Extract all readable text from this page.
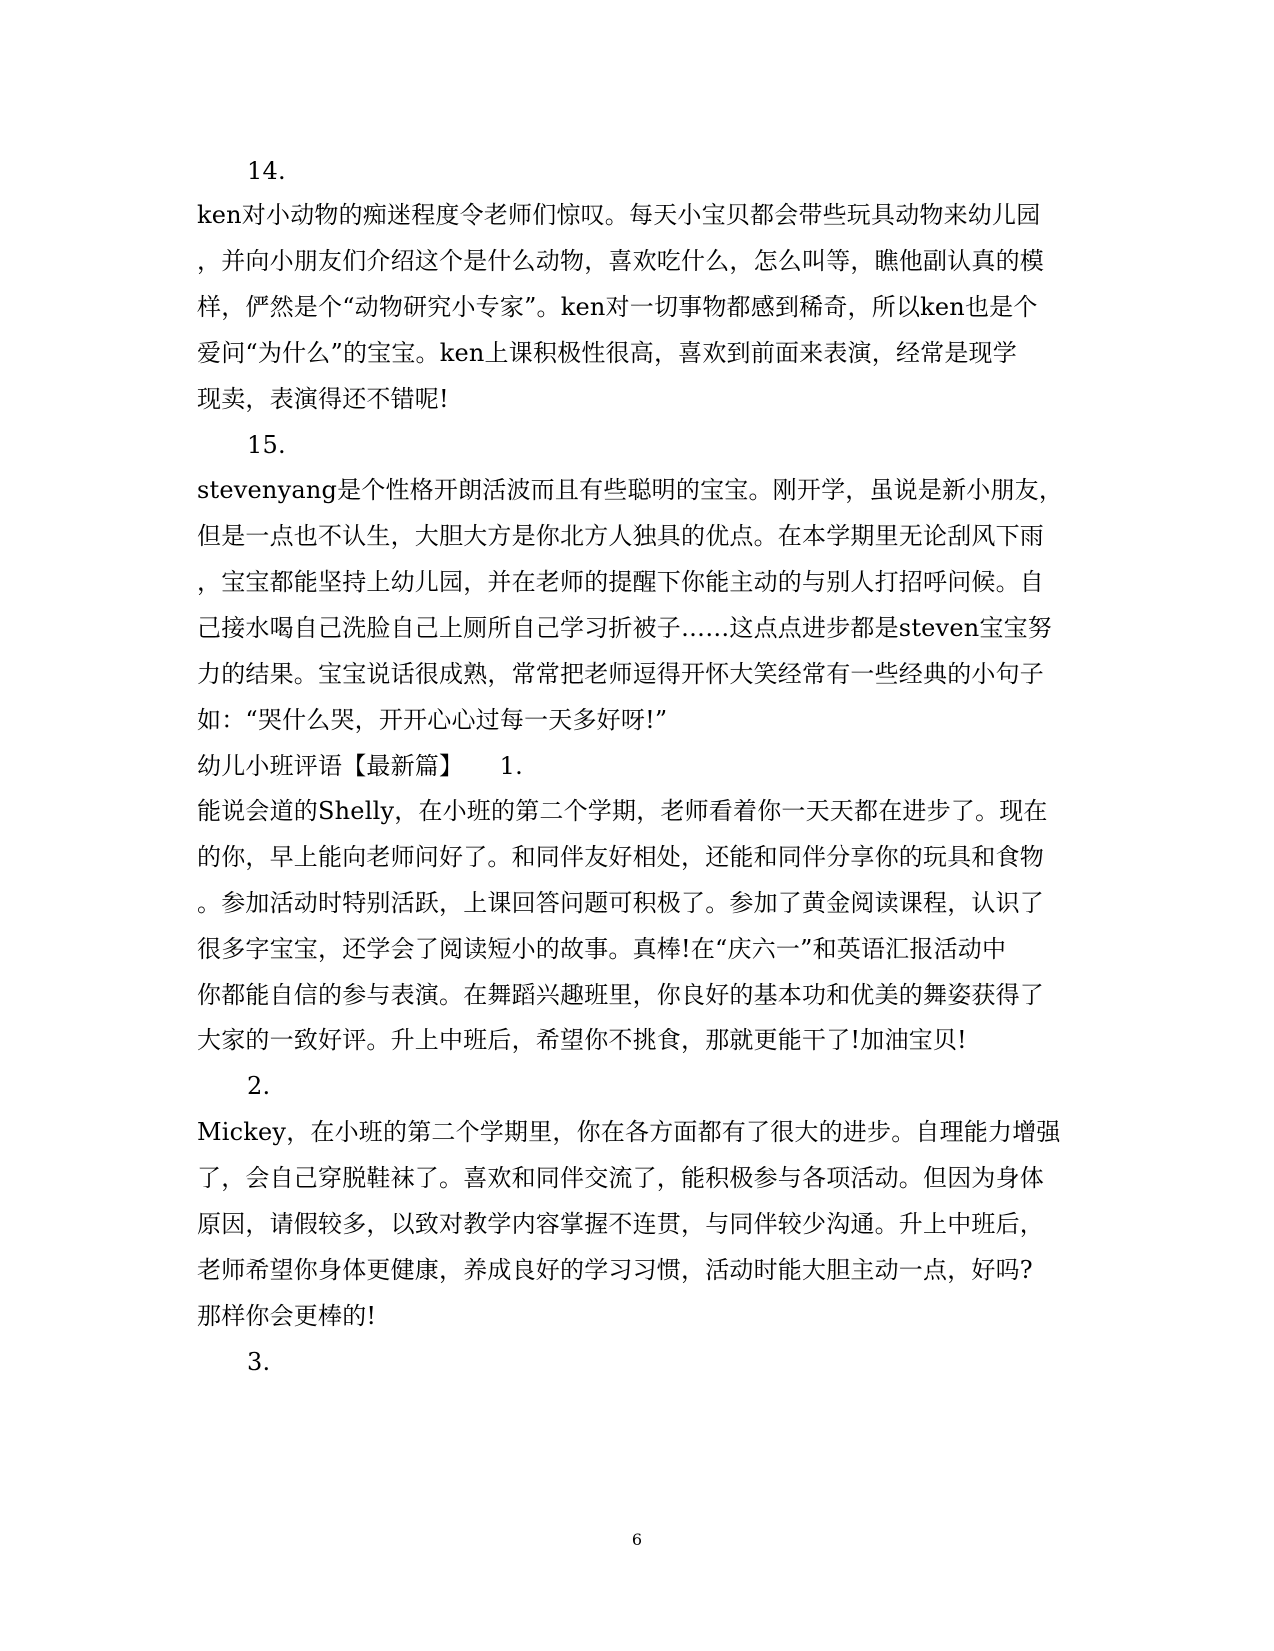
14.
ken对小动物的痴迷程度令老师们惊叹。每天小宝贝都会带些玩具动物来幼儿园
，并向小朋友们介绍这个是什么动物，喜欢吃什么，怎么叫等，瞧他副认真的模
样，俨然是个“动物研究小专家”。ken对一切事物都感到稀奇，所以ken也是个
爱问“为什么”的宝宝。ken上课积极性很高，喜欢到前面来表演，经常是现学
现卖，表演得还不错呢!
15.
stevenyang是个性格开朗活波而且有些聪明的宝宝。刚开学，虽说是新小朋友，
但是一点也不认生，大胆大方是你北方人独具的优点。在本学期里无论刮风下雨
，宝宝都能坚持上幼儿园，并在老师的提醒下你能主动的与别人打招呼问候。自
己接水喝自己洗脸自己上厕所自己学习折被子……这点点进步都是steven宝宝努
力的结果。宝宝说话很成熟，常常把老师逗得开怀大笑经常有一些经典的小句子
如：“哭什么哭，开开心心过每一天多好呀!”
幼儿小班评语【最新篇】　　1.
能说会道的Shelly，在小班的第二个学期，老师看着你一天天都在进步了。现在
的你，早上能向老师问好了。和同伴友好相处，还能和同伴分享你的玩具和食物
。参加活动时特别活跃，上课回答问题可积极了。参加了黄金阅读课程，认识了
很多字宝宝，还学会了阅读短小的故事。真棒!在“庆六一”和英语汇报活动中
你都能自信的参与表演。在舞蹈兴趣班里，你良好的基本功和优美的舞姿获得了
大家的一致好评。升上中班后，希望你不挑食，那就更能干了!加油宝贝!
2.
Mickey，在小班的第二个学期里，你在各方面都有了很大的进步。自理能力增强
了，会自己穿脱鞋袜了。喜欢和同伴交流了，能积极参与各项活动。但因为身体
原因，请假较多，以致对教学内容掌握不连贯，与同伴较少沟通。升上中班后，
老师希望你身体更健康，养成良好的学习习惯，活动时能大胆主动一点，好吗?
那样你会更棒的!
3.
6
